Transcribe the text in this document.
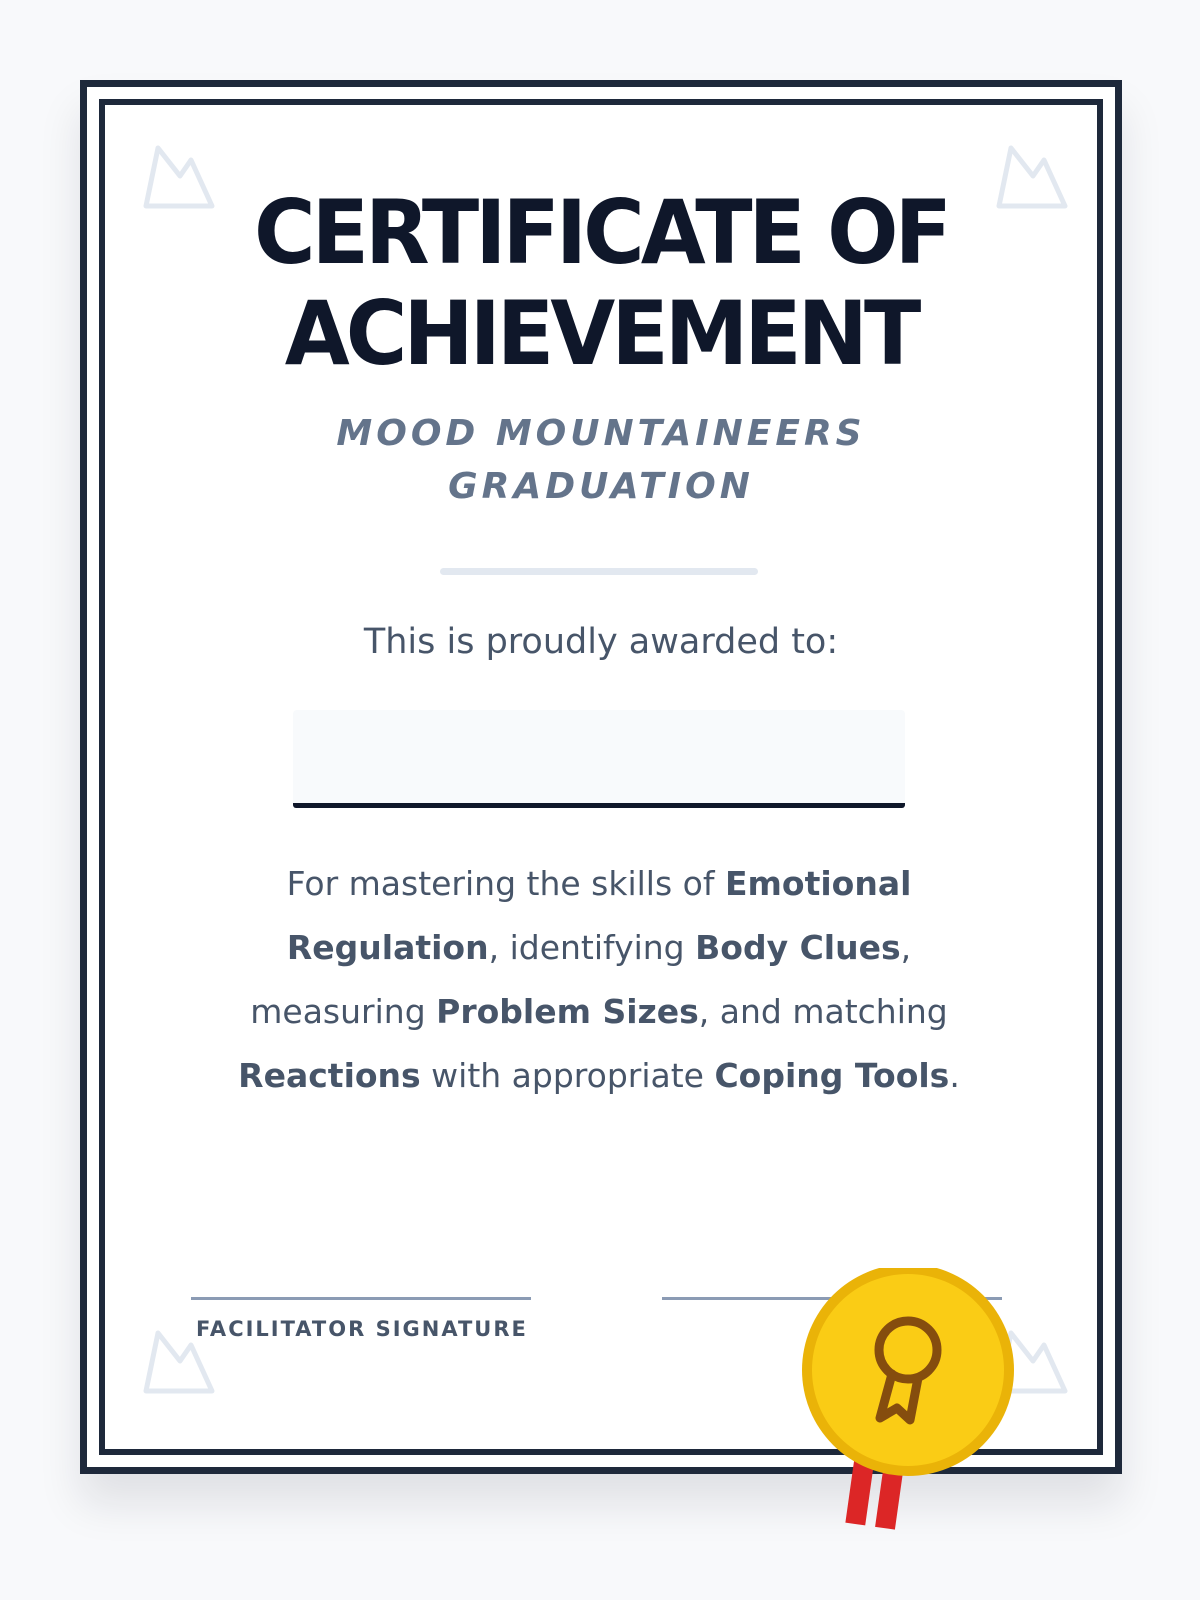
CERTIFICATE OF
ACHIEVEMENT
MOOD MOUNTAINEERS
GRADUATION
This is proudly awarded to:

For mastering the skills of Emotional Regulation, identifying Body Clues, measuring Problem Sizes, and matching Reactions with appropriate Coping Tools.

FACILITATOR SIGNATURE
